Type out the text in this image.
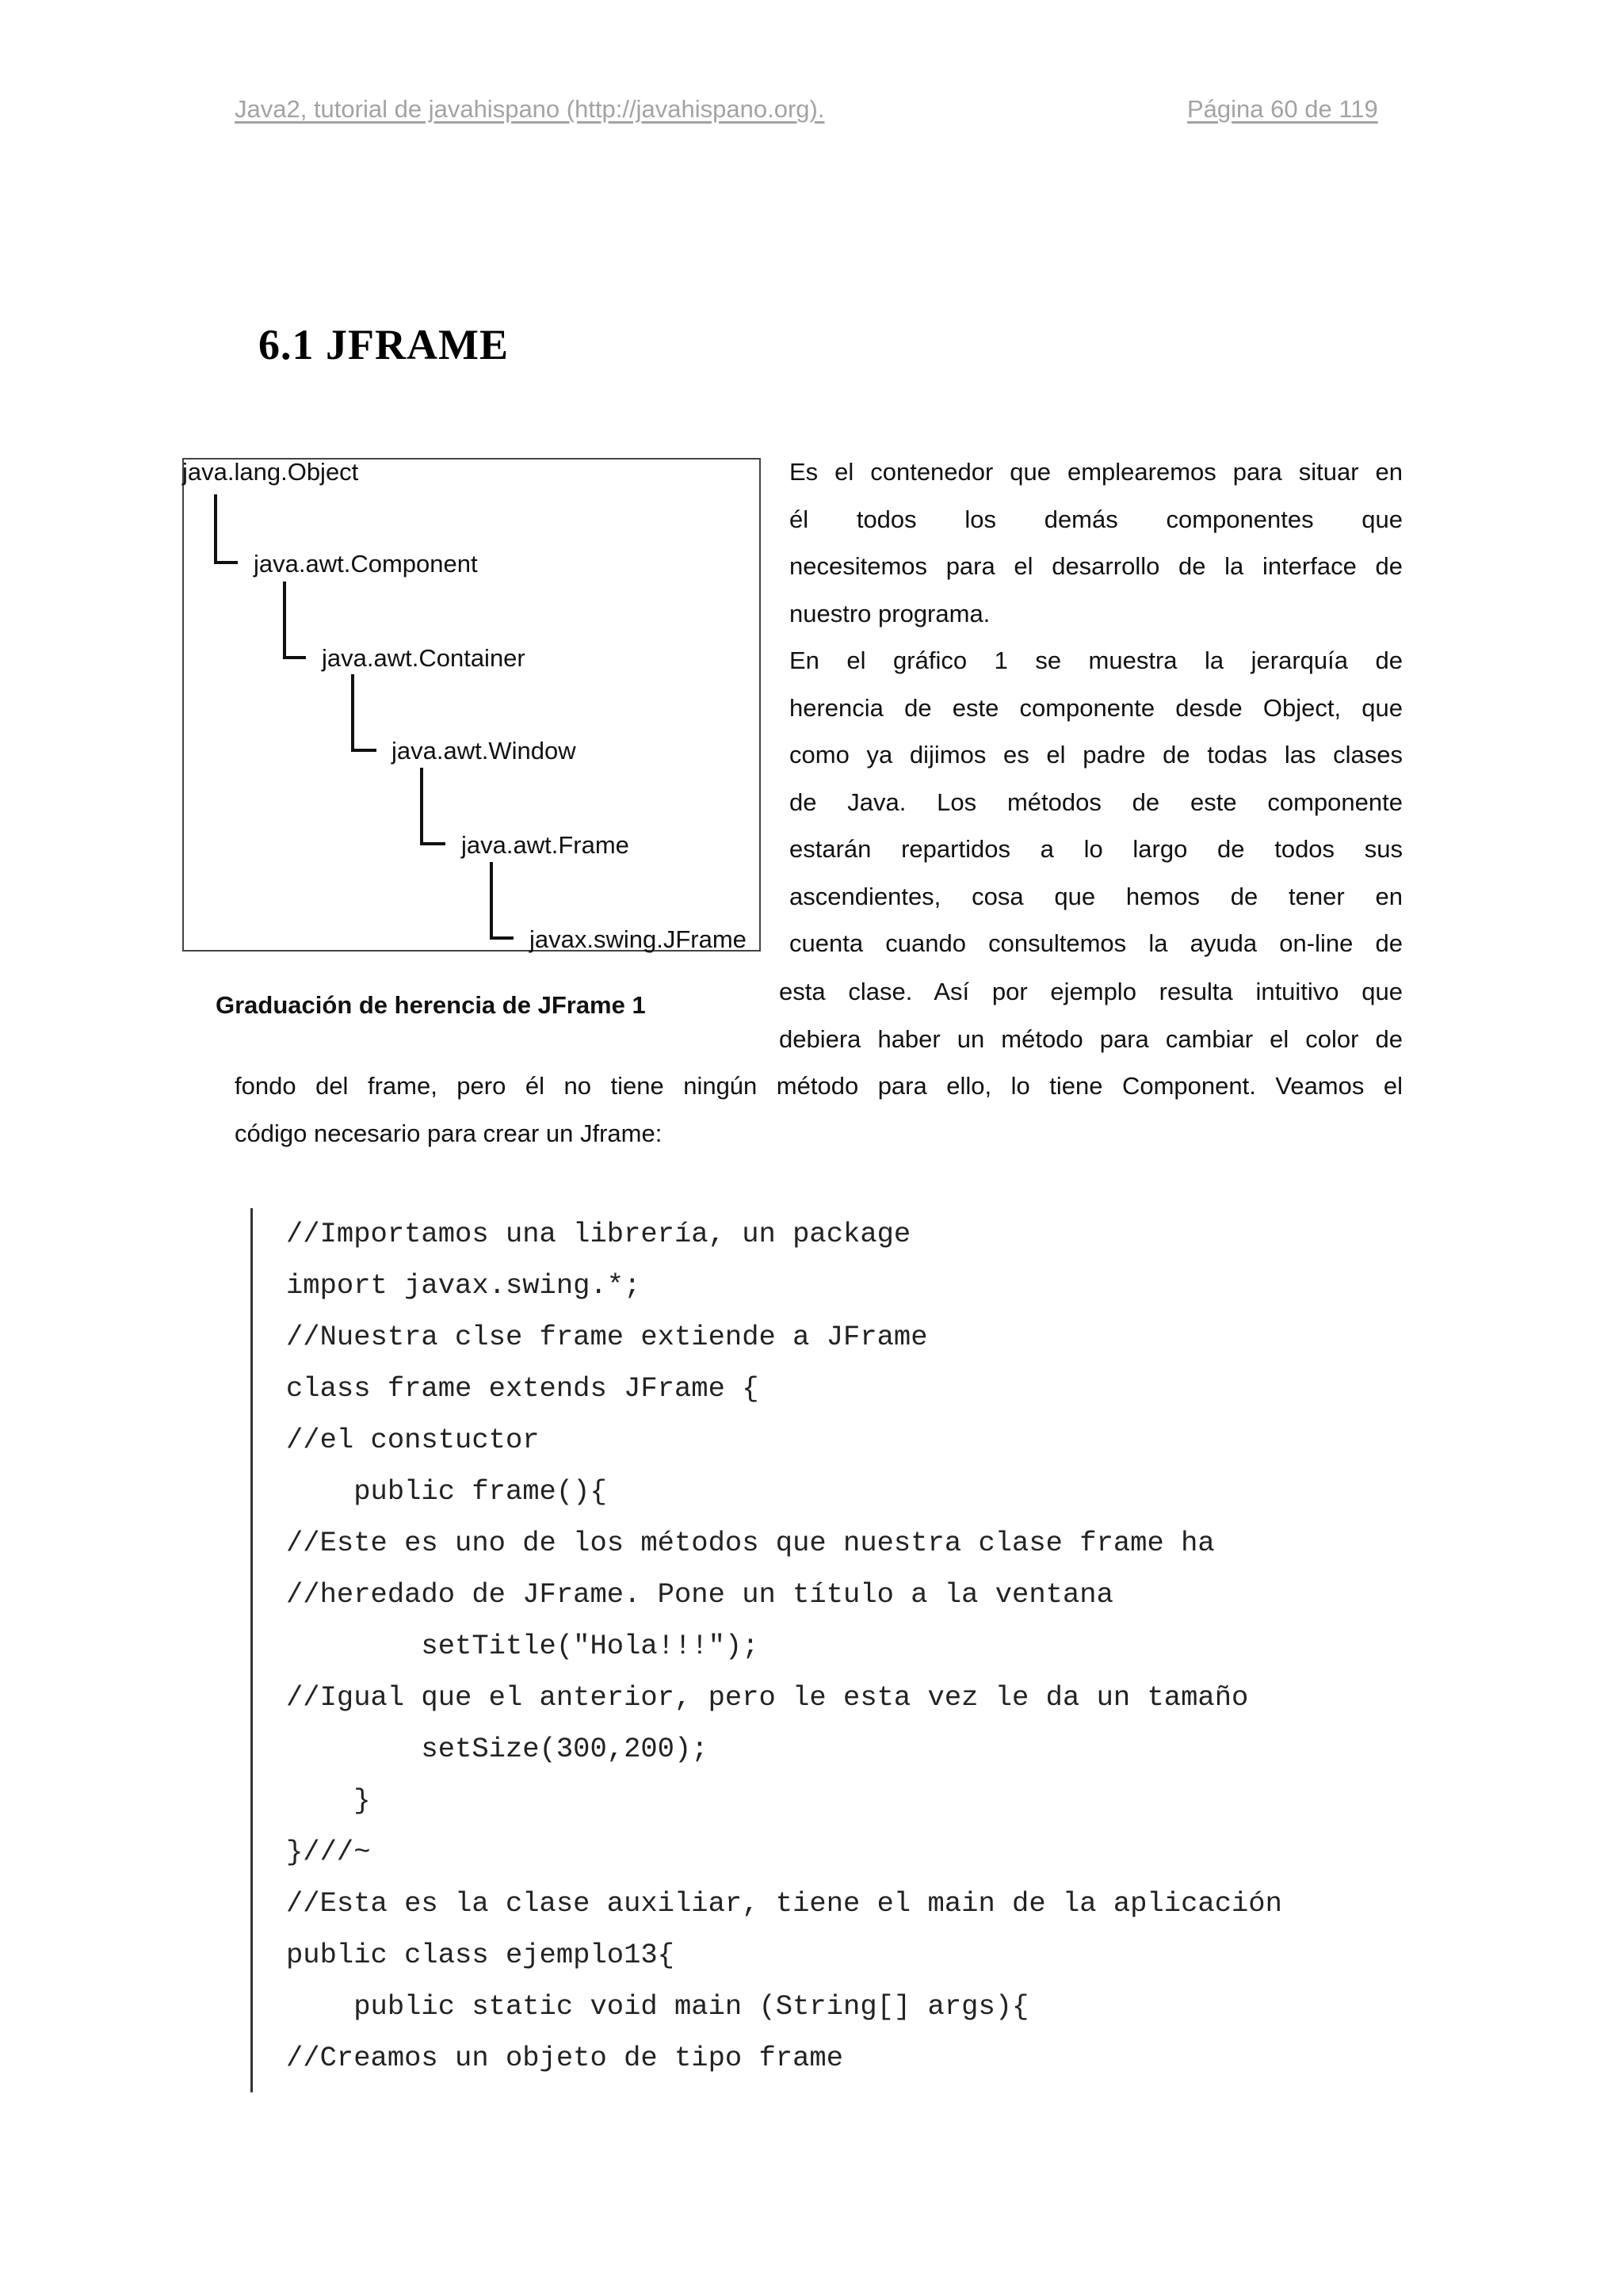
Java2, tutorial de javahispano (http://javahispano.org).	Página 60 de 119
6.1 JFRAME
java.lang.Object
java.awt.Component
java.awt.Container
java.awt.Window
java.awt.Frame
javax.swing.JFrame
Graduación de herencia de JFrame 1
Es el contenedor que emplearemos para situar en
él todos los demás componentes que
necesitemos para el desarrollo de la interface de
nuestro programa.
En el gráfico 1 se muestra la jerarquía de
herencia de este componente desde Object, que
como ya dijimos es el padre de todas las clases
de Java. Los métodos de este componente
estarán repartidos a lo largo de todos sus
ascendientes, cosa que hemos de tener en
cuenta cuando consultemos la ayuda on-line de
esta clase. Así por ejemplo resulta intuitivo que
debiera haber un método para cambiar el color de
fondo del frame, pero él no tiene ningún método para ello, lo tiene Component. Veamos el
código necesario para crear un Jframe:
//Importamos una librería, un package
import javax.swing.*;
//Nuestra clse frame extiende a JFrame
class frame extends JFrame {
//el constuctor
public frame(){
//Este es uno de los métodos que nuestra clase frame ha
//heredado de JFrame. Pone un título a la ventana
setTitle("Hola!!!");
//Igual que el anterior, pero le esta vez le da un tamaño
setSize(300,200);
}
}///~
//Esta es la clase auxiliar, tiene el main de la aplicación
public class ejemplo13{
public static void main (String[] args){
//Creamos un objeto de tipo frame
